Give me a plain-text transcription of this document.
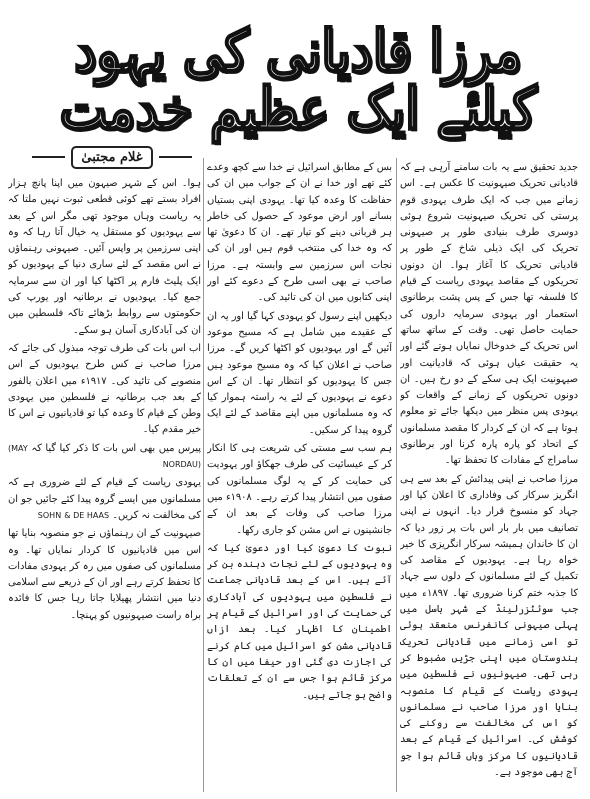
مرزا قادیانی کی یہود کیلئے ایک عظیم خدمت
غلام مجتبیٰ

جدید تحقیق سے یہ بات سامنے آرہی ہے کہ قادیانی تحریک صیہونیت کا عکس ہے۔ اس زمانے میں جب کہ ایک طرف یہودی قوم پرستی کی تحریک صیہونیت شروع ہوئی دوسری طرف بنیادی طور پر صیہونی تحریک کی ایک ذیلی شاخ کے طور پر قادیانی تحریک کا آغاز ہوا۔ ان دونوں تحریکوں کے مقاصد یہودی ریاست کے قیام کا فلسفہ تھا جس کے پس پشت برطانوی استعمار اور یہودی سرمایہ داروں کی حمایت حاصل تھی۔ وقت کے ساتھ ساتھ اس تحریک کے خدوخال نمایاں ہوتے گئے اور یہ حقیقت عیاں ہوئی کہ قادیانیت اور صیہونیت ایک ہی سکے کے دو رخ ہیں۔ ان دونوں تحریکوں کے زمانے کے واقعات کو یہودی پس منظر میں دیکھا جائے تو معلوم ہوتا ہے کہ ان کے کردار کا مقصد مسلمانوں کے اتحاد کو پارہ پارہ کرنا اور برطانوی سامراج کے مفادات کا تحفظ تھا۔

مرزا صاحب نے اپنی پیدائش کے بعد سے ہی انگریز سرکار کی وفاداری کا اعلان کیا اور جہاد کو منسوخ قرار دیا۔ انہوں نے اپنی تصانیف میں بار بار اس بات پر زور دیا کہ ان کا خاندان ہمیشہ سرکار انگریزی کا خیر خواہ رہا ہے۔ یہودیوں کے مقاصد کی تکمیل کے لئے مسلمانوں کے دلوں سے جہاد کا جذبہ ختم کرنا ضروری تھا۔ ۱۸۹۷ء میں جب سوئٹزرلینڈ کے شہر باسل میں پہلی صیہونی کانفرنس منعقد ہوئی تو اسی زمانے میں قادیانی تحریک ہندوستان میں اپنی جڑیں مضبوط کر رہی تھی۔ صیہونیوں نے فلسطین میں یہودی ریاست کے قیام کا منصوبہ بنایا اور مرزا صاحب نے مسلمانوں کو اس کی مخالفت سے روکنے کی کوشش کی۔ اسرائیل کے قیام کے بعد قادیانیوں کا مرکز وہاں قائم ہوا جو آج بھی موجود ہے۔

بس کے مطابق اسرائیل نے خدا سے کچھ وعدے کئے تھے اور خدا نے ان کے جواب میں ان کی حفاظت کا وعدہ کیا تھا۔ یہودی اپنی بستیاں بسانے اور ارض موعود کے حصول کی خاطر ہر قربانی دینے کو تیار تھے۔ ان کا دعویٰ تھا کہ وہ خدا کی منتخب قوم ہیں اور ان کی نجات اس سرزمین سے وابستہ ہے۔ مرزا صاحب نے بھی اسی طرح کے دعوے کئے اور اپنی کتابوں میں ان کی تائید کی۔

دیکھیں اپنے رسول کو یہودی کہا گیا اور یہ ان کے عقیدے میں شامل ہے کہ مسیح موعود آئیں گے اور یہودیوں کو اکٹھا کریں گے۔ مرزا صاحب نے اعلان کیا کہ وہ مسیح موعود ہیں جس کا یہودیوں کو انتظار تھا۔ ان کے اس دعوے نے یہودیوں کے لئے یہ راستہ ہموار کیا کہ وہ مسلمانوں میں اپنے مقاصد کے لئے ایک گروہ پیدا کر سکیں۔

ہم سب سے مستی کی شریعت ہی کا انکار کر کے عیسائیت کی طرف جھکاؤ اور یہودیت کی حمایت کر کے یہ لوگ مسلمانوں کی صفوں میں انتشار پیدا کرتے رہے۔ ۱۹۰۸ء میں مرزا صاحب کی وفات کے بعد ان کے جانشینوں نے اس مشن کو جاری رکھا۔

نبوت کا دعویٰ کیا اور دعویٰ کیا کہ وہ یہودیوں کے لئے نجات دہندہ بن کر آئے ہیں۔ اس کے بعد قادیانی جماعت نے فلسطین میں یہودیوں کی آبادکاری کی حمایت کی اور اسرائیل کے قیام پر اطمینان کا اظہار کیا۔ بعد ازاں قادیانی مشن کو اسرائیل میں کام کرنے کی اجازت دی گئی اور حیفا میں ان کا مرکز قائم ہوا جس سے ان کے تعلقات واضح ہو جاتے ہیں۔

ہوا۔ اس کے شہر صیہون میں اپنا پانچ ہزار افراد بستے تھے کوئی قطعی ثبوت نہیں ملتا کہ یہ ریاست وہاں موجود تھی مگر اس کے بعد سے یہودیوں کو مستقل یہ خیال آتا رہا کہ وہ اپنی سرزمین پر واپس آئیں۔ صیہونی رہنماؤں نے اس مقصد کے لئے ساری دنیا کے یہودیوں کو ایک پلیٹ فارم پر اکٹھا کیا اور ان سے سرمایہ جمع کیا۔ یہودیوں نے برطانیہ اور یورپ کی حکومتوں سے روابط بڑھائے تاکہ فلسطین میں ان کی آبادکاری آسان ہو سکے۔

اب اس بات کی طرف توجہ مبذول کی جائے کہ مرزا صاحب نے کس طرح یہودیوں کے اس منصوبے کی تائید کی۔ ۱۹۱۷ء میں اعلان بالفور کے بعد جب برطانیہ نے فلسطین میں یہودی وطن کے قیام کا وعدہ کیا تو قادیانیوں نے اس کا خیر مقدم کیا۔

پیرس میں بھی اس بات کا ذکر کیا گیا کہ (MAY NORDAU)

یہودی ریاست کے قیام کے لئے ضروری ہے کہ مسلمانوں میں ایسے گروہ پیدا کئے جائیں جو ان کی مخالفت نہ کریں۔ SOHN & DE HAAS

صیہونیت کے ان رہنماؤں نے جو منصوبہ بنایا تھا اس میں قادیانیوں کا کردار نمایاں تھا۔ وہ مسلمانوں کی صفوں میں رہ کر یہودی مفادات کا تحفظ کرتے رہے اور ان کے ذریعے سے اسلامی دنیا میں انتشار پھیلایا جاتا رہا جس کا فائدہ براہ راست صیہونیوں کو پہنچا۔
